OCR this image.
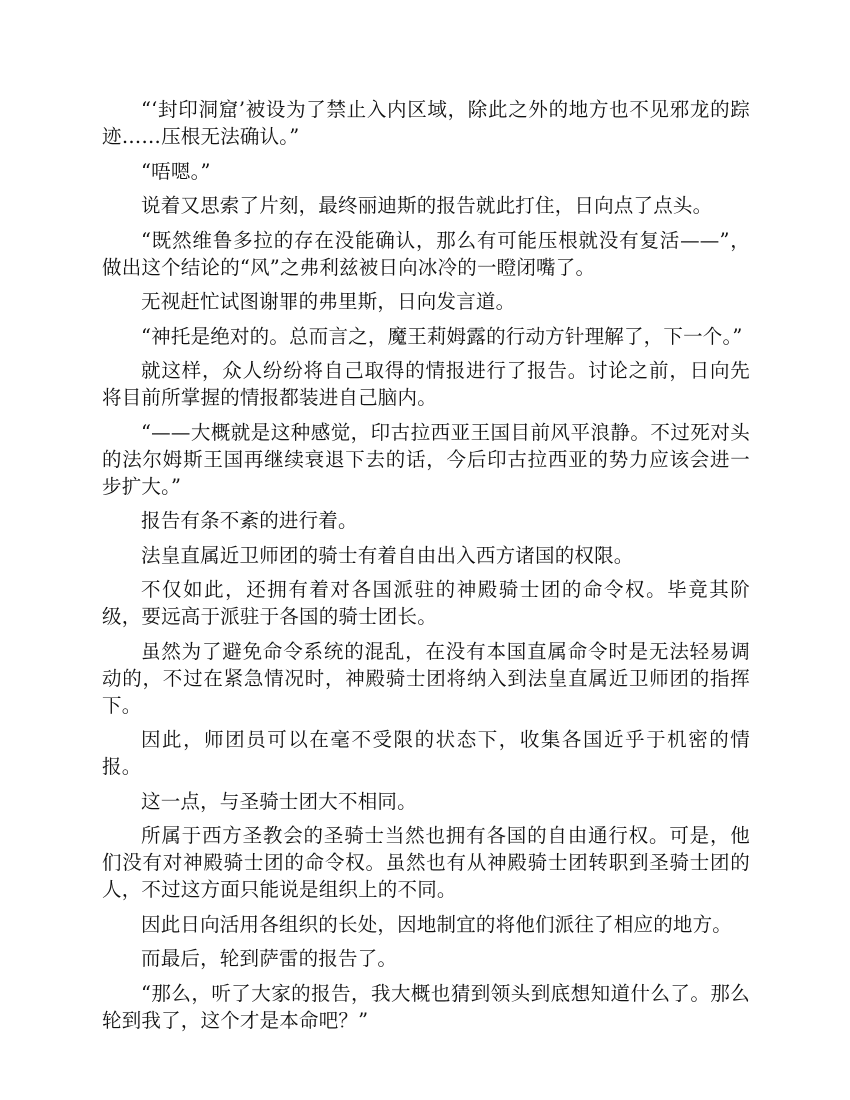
“‘封印洞窟’被设为了禁止入内区域，除此之外的地方也不见邪龙的踪迹……压根无法确认。”

“唔嗯。”

说着又思索了片刻，最终丽迪斯的报告就此打住，日向点了点头。

“既然维鲁多拉的存在没能确认，那么有可能压根就没有复活——”，做出这个结论的“风”之弗利兹被日向冰冷的一瞪闭嘴了。

无视赶忙试图谢罪的弗里斯，日向发言道。

“神托是绝对的。总而言之，魔王莉姆露的行动方针理解了，下一个。”

就这样，众人纷纷将自己取得的情报进行了报告。讨论之前，日向先将目前所掌握的情报都装进自己脑内。

“——大概就是这种感觉，印古拉西亚王国目前风平浪静。不过死对头的法尔姆斯王国再继续衰退下去的话，今后印古拉西亚的势力应该会进一步扩大。”

报告有条不紊的进行着。

法皇直属近卫师团的骑士有着自由出入西方诸国的权限。

不仅如此，还拥有着对各国派驻的神殿骑士团的命令权。毕竟其阶级，要远高于派驻于各国的骑士团长。

虽然为了避免命令系统的混乱，在没有本国直属命令时是无法轻易调动的，不过在紧急情况时，神殿骑士团将纳入到法皇直属近卫师团的指挥下。

因此，师团员可以在毫不受限的状态下，收集各国近乎于机密的情报。

这一点，与圣骑士团大不相同。

所属于西方圣教会的圣骑士当然也拥有各国的自由通行权。可是，他们没有对神殿骑士团的命令权。虽然也有从神殿骑士团转职到圣骑士团的人，不过这方面只能说是组织上的不同。

因此日向活用各组织的长处，因地制宜的将他们派往了相应的地方。

而最后，轮到萨雷的报告了。

“那么，听了大家的报告，我大概也猜到领头到底想知道什么了。那么轮到我了，这个才是本命吧？”
